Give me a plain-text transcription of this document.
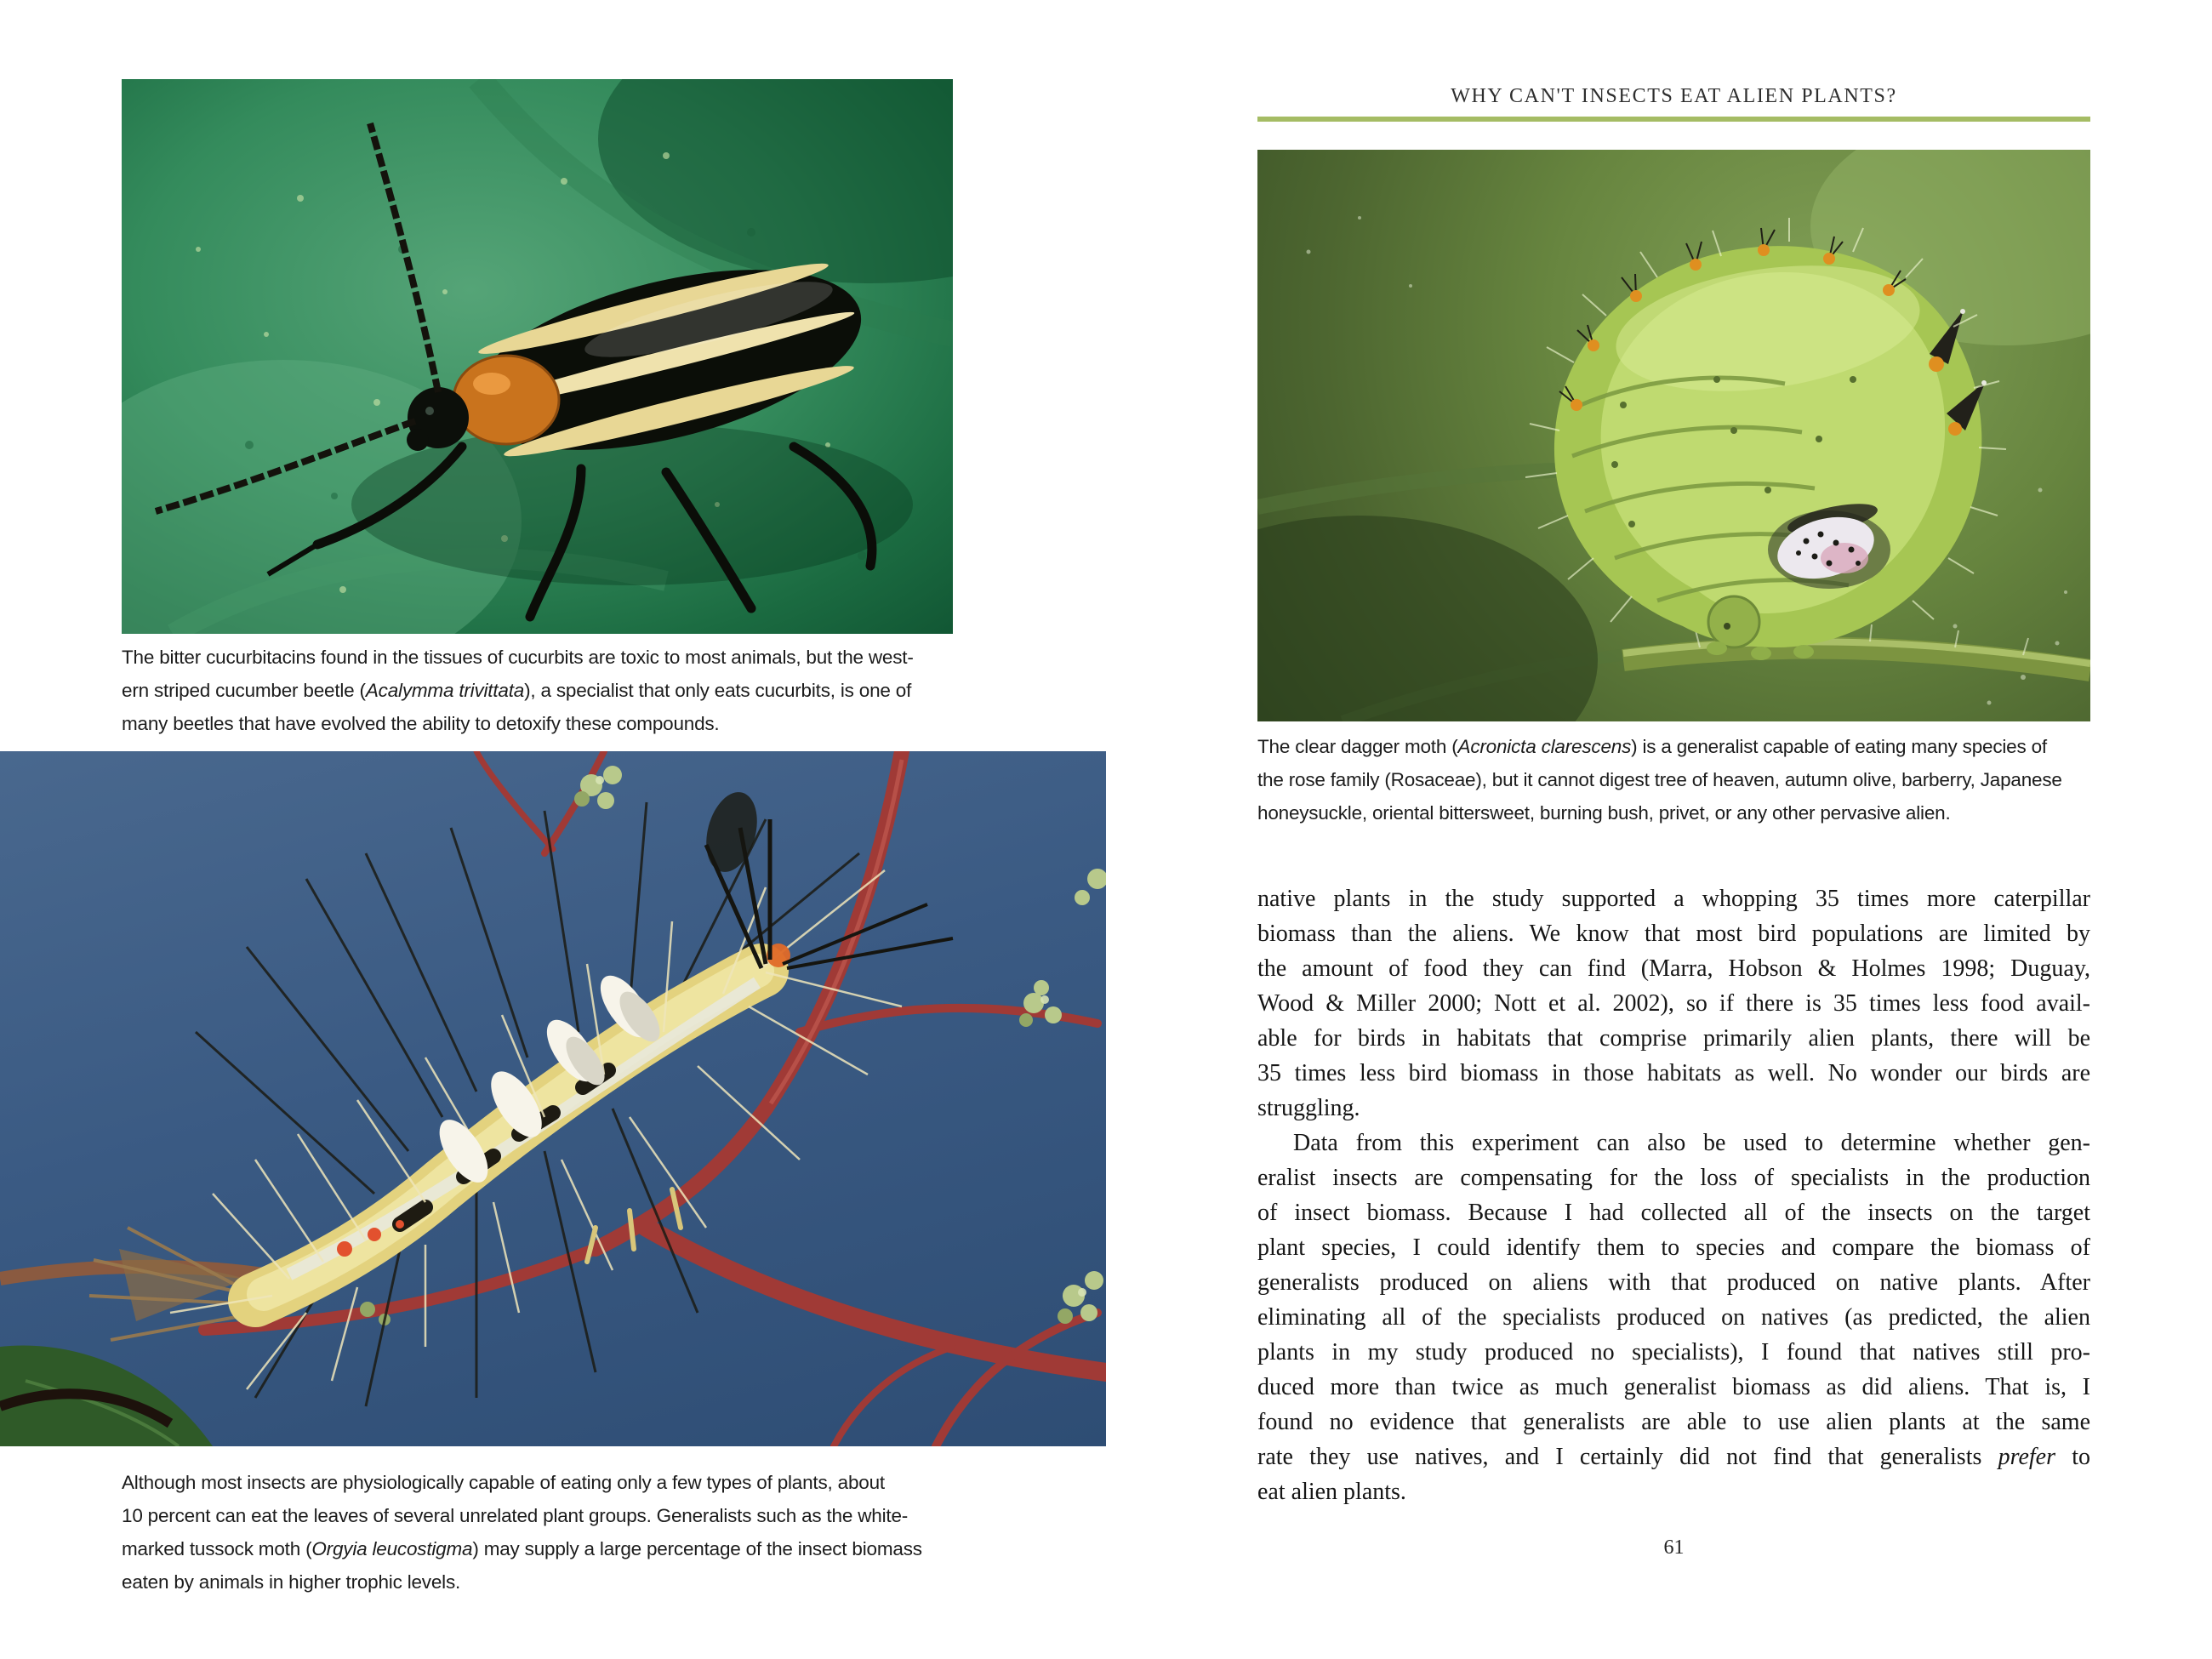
The bitter cucurbitacins found in the tissues of cucurbits are toxic to most animals, but the west-
ern striped cucumber beetle (Acalymma trivittata), a specialist that only eats cucurbits, is one of
many beetles that have evolved the ability to detoxify these compounds.
Although most insects are physiologically capable of eating only a few types of plants, about
10 percent can eat the leaves of several unrelated plant groups. Generalists such as the white-
marked tussock moth (Orgyia leucostigma) may supply a large percentage of the insect biomass
eaten by animals in higher trophic levels.
WHY CAN'T INSECTS EAT ALIEN PLANTS?
The clear dagger moth (Acronicta clarescens) is a generalist capable of eating many species of
the rose family (Rosaceae), but it cannot digest tree of heaven, autumn olive, barberry, Japanese
honeysuckle, oriental bittersweet, burning bush, privet, or any other pervasive alien.
native plants in the study supported a whopping 35 times more caterpillar
biomass than the aliens. We know that most bird populations are limited by
the amount of food they can find (Marra, Hobson & Holmes 1998; Duguay,
Wood & Miller 2000; Nott et al. 2002), so if there is 35 times less food avail-
able for birds in habitats that comprise primarily alien plants, there will be
35 times less bird biomass in those habitats as well. No wonder our birds are
struggling.
Data from this experiment can also be used to determine whether gen-
eralist insects are compensating for the loss of specialists in the production
of insect biomass. Because I had collected all of the insects on the target
plant species, I could identify them to species and compare the biomass of
generalists produced on aliens with that produced on native plants. After
eliminating all of the specialists produced on natives (as predicted, the alien
plants in my study produced no specialists), I found that natives still pro-
duced more than twice as much generalist biomass as did aliens. That is, I
found no evidence that generalists are able to use alien plants at the same
rate they use natives, and I certainly did not find that generalists prefer to
eat alien plants.
61
